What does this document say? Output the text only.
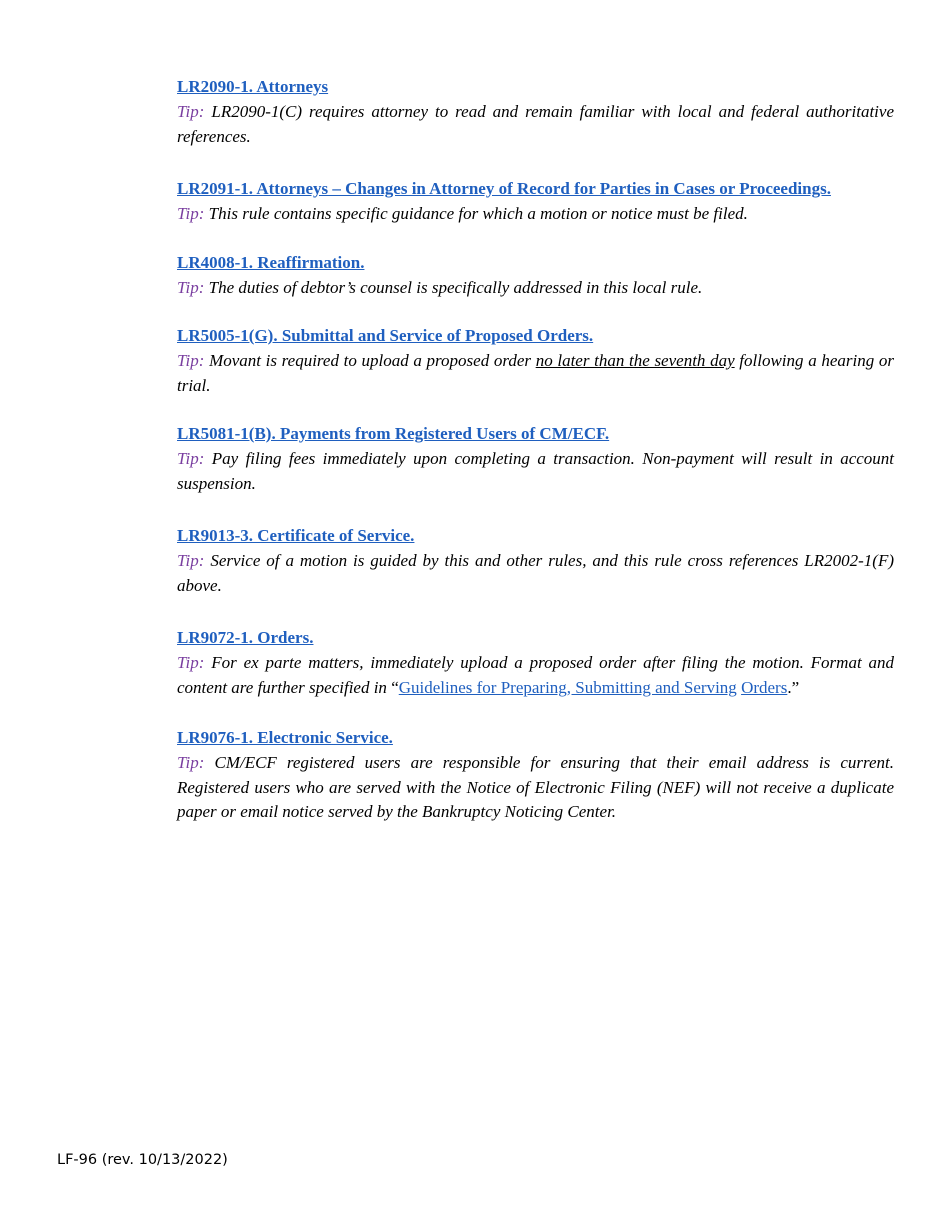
LR2090-1. Attorneys

Tip: LR2090-1(C) requires attorney to read and remain familiar with local and federal authoritative references.

LR2091-1. Attorneys – Changes in Attorney of Record for Parties in Cases or Proceedings.

Tip: This rule contains specific guidance for which a motion or notice must be filed.

LR4008-1. Reaffirmation.

Tip: The duties of debtor’s counsel is specifically addressed in this local rule.

LR5005-1(G). Submittal and Service of Proposed Orders.

Tip: Movant is required to upload a proposed order no later than the seventh day following a hearing or trial.

LR5081-1(B). Payments from Registered Users of CM/ECF.

Tip: Pay filing fees immediately upon completing a transaction. Non-payment will result in account suspension.

LR9013-3. Certificate of Service.

Tip: Service of a motion is guided by this and other rules, and this rule cross references LR2002-1(F) above.

LR9072-1. Orders.

Tip: For ex parte matters, immediately upload a proposed order after filing the motion. Format and content are further specified in “Guidelines for Preparing, Submitting and Serving Orders.”

LR9076-1. Electronic Service.

Tip: CM/ECF registered users are responsible for ensuring that their email address is current. Registered users who are served with the Notice of Electronic Filing (NEF) will not receive a duplicate paper or email notice served by the Bankruptcy Noticing Center.

LF-96 (rev. 10/13/2022)
